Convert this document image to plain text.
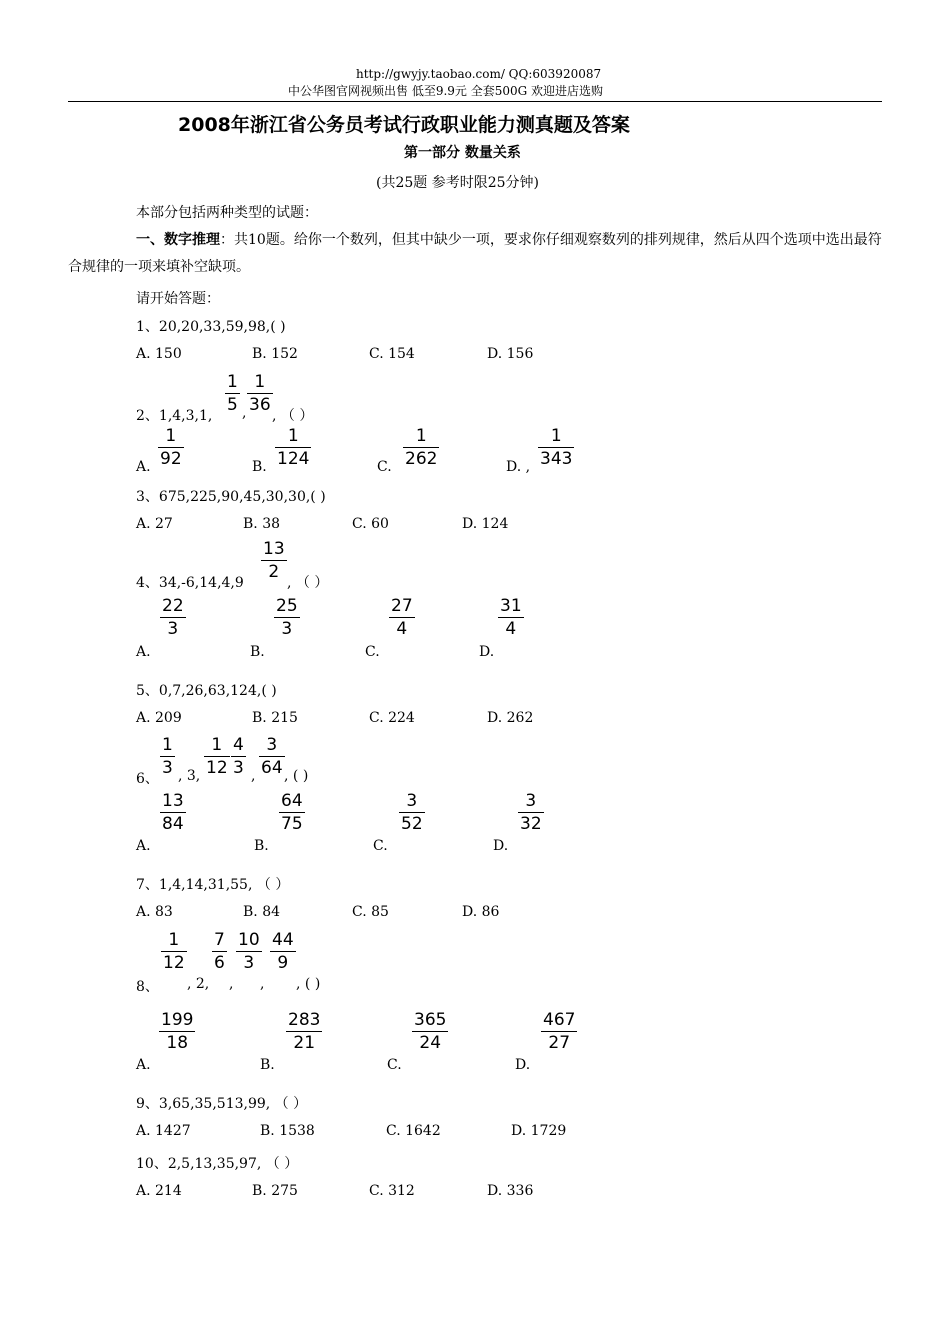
http://gwyjy.taobao.com/ QQ:603920087
中公华图官网视频出售 低至9.9元 全套500G 欢迎进店选购
2008年浙江省公务员考试行政职业能力测真题及答案
第一部分 数量关系
(共25题 参考时限25分钟)
本部分包括两种类型的试题：
一、数字推理：共10题。给你一个数列，但其中缺少一项，要求你仔细观察数列的排列规律，然后从四个选项中选出最符合规律的一项来填补空缺项。
请开始答题：
1、20,20,33,59,98,( )
A. 150	B. 152	C. 154	D. 156
2、1,4,3,1,
1
5 ,
1
36
, （ ）
A.
1
92	B.
1
124	C.
1
262	D. ,
1
343
3、675,225,90,45,30,30,( )
A. 27	B. 38	C. 60	D. 124
4、34,-6,14,4,9
13
2
, （ ）
22
3
A.
25
3
B.
27
4
C.
31
4
D.
5、0,7,26,63,124,( )
A. 209	B. 215	C. 224	D. 262
6、
1
3 , 3,
1
12
4
3 ,
3
64 , ( )
13
84
A.
64
75
B.
3
52
C.
3
32
D.
7、1,4,14,31,55, （ ）
A. 83	B. 84	C. 85	D. 86
1
12
7
6
10
3
44
9
8、 , 2, , , , ( )
199
18
A.
283
21
B.
365
24
C.
467
27
D.
9、3,65,35,513,99, （ ）
A. 1427	B. 1538	C. 1642	D. 1729
10、2,5,13,35,97, （ ）
A. 214	B. 275	C. 312	D. 336
